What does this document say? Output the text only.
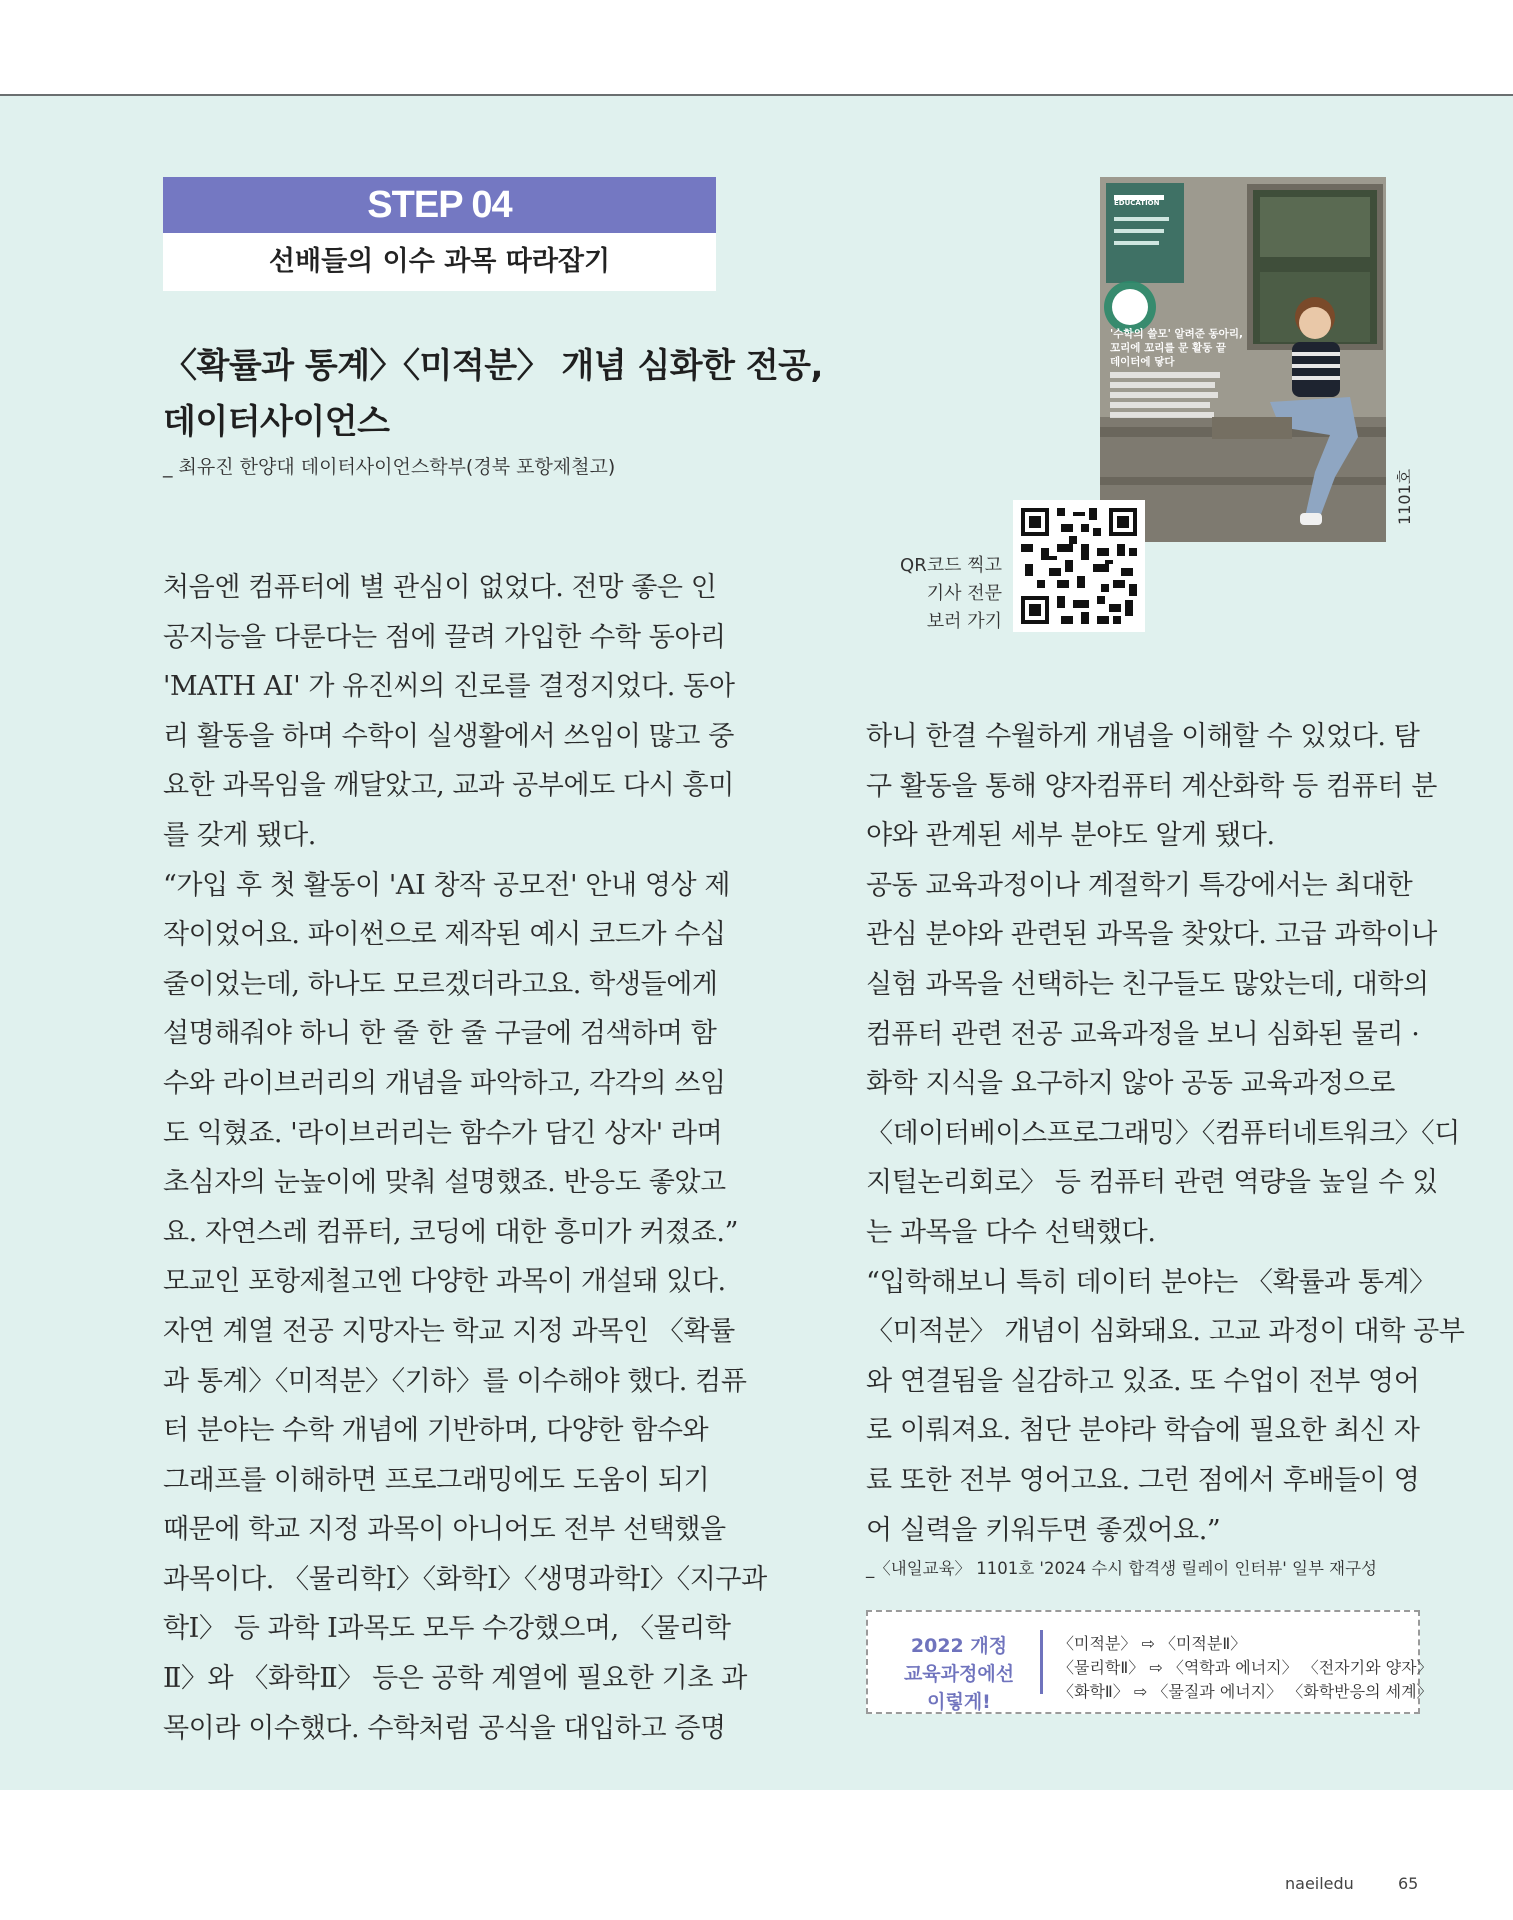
STEP 04
선배들의 이수 과목 따라잡기
〈확률과 통계〉〈미적분〉 개념 심화한 전공,
데이터사이언스
_ 최유진 한양대 데이터사이언스학부(경북 포항제철고)
EDUCATION
'수학의 쓸모' 알려준 동아리,
꼬리에 꼬리를 문 활동 끝
데이터에 닿다
1101호
QR코드 찍고
기사 전문
보러 가기
처음엔 컴퓨터에 별 관심이 없었다. 전망 좋은 인
공지능을 다룬다는 점에 끌려 가입한 수학 동아리
'MATH AI' 가 유진씨의 진로를 결정지었다. 동아
리 활동을 하며 수학이 실생활에서 쓰임이 많고 중
요한 과목임을 깨달았고, 교과 공부에도 다시 흥미
를 갖게 됐다.
“가입 후 첫 활동이 'AI 창작 공모전' 안내 영상 제
작이었어요. 파이썬으로 제작된 예시 코드가 수십
줄이었는데, 하나도 모르겠더라고요. 학생들에게
설명해줘야 하니 한 줄 한 줄 구글에 검색하며 함
수와 라이브러리의 개념을 파악하고, 각각의 쓰임
도 익혔죠. '라이브러리는 함수가 담긴 상자' 라며
초심자의 눈높이에 맞춰 설명했죠. 반응도 좋았고
요. 자연스레 컴퓨터, 코딩에 대한 흥미가 커졌죠.”
모교인 포항제철고엔 다양한 과목이 개설돼 있다.
자연 계열 전공 지망자는 학교 지정 과목인 〈확률
과 통계〉〈미적분〉〈기하〉를 이수해야 했다. 컴퓨
터 분야는 수학 개념에 기반하며, 다양한 함수와
그래프를 이해하면 프로그래밍에도 도움이 되기
때문에 학교 지정 과목이 아니어도 전부 선택했을
과목이다. 〈물리학Ⅰ〉〈화학Ⅰ〉〈생명과학Ⅰ〉〈지구과
학Ⅰ〉 등 과학 Ⅰ과목도 모두 수강했으며, 〈물리학
Ⅱ〉와 〈화학Ⅱ〉 등은 공학 계열에 필요한 기초 과
목이라 이수했다. 수학처럼 공식을 대입하고 증명
하니 한결 수월하게 개념을 이해할 수 있었다. 탐
구 활동을 통해 양자컴퓨터 계산화학 등 컴퓨터 분
야와 관계된 세부 분야도 알게 됐다.
공동 교육과정이나 계절학기 특강에서는 최대한
관심 분야와 관련된 과목을 찾았다. 고급 과학이나
실험 과목을 선택하는 친구들도 많았는데, 대학의
컴퓨터 관련 전공 교육과정을 보니 심화된 물리 ·
화학 지식을 요구하지 않아 공동 교육과정으로
〈데이터베이스프로그래밍〉〈컴퓨터네트워크〉〈디
지털논리회로〉 등 컴퓨터 관련 역량을 높일 수 있
는 과목을 다수 선택했다.
“입학해보니 특히 데이터 분야는 〈확률과 통계〉
〈미적분〉 개념이 심화돼요. 고교 과정이 대학 공부
와 연결됨을 실감하고 있죠. 또 수업이 전부 영어
로 이뤄져요. 첨단 분야라 학습에 필요한 최신 자
료 또한 전부 영어고요. 그런 점에서 후배들이 영
어 실력을 키워두면 좋겠어요.”
_〈내일교육〉 1101호 '2024 수시 합격생 릴레이 인터뷰' 일부 재구성
2022 개정
교육과정에선
이렇게!
〈미적분〉 ⇨ 〈미적분Ⅱ〉
〈물리학Ⅱ〉 ⇨ 〈역학과 에너지〉 〈전자기와 양자〉
〈화학Ⅱ〉 ⇨ 〈물질과 에너지〉 〈화학반응의 세계〉
naeiledu	65
